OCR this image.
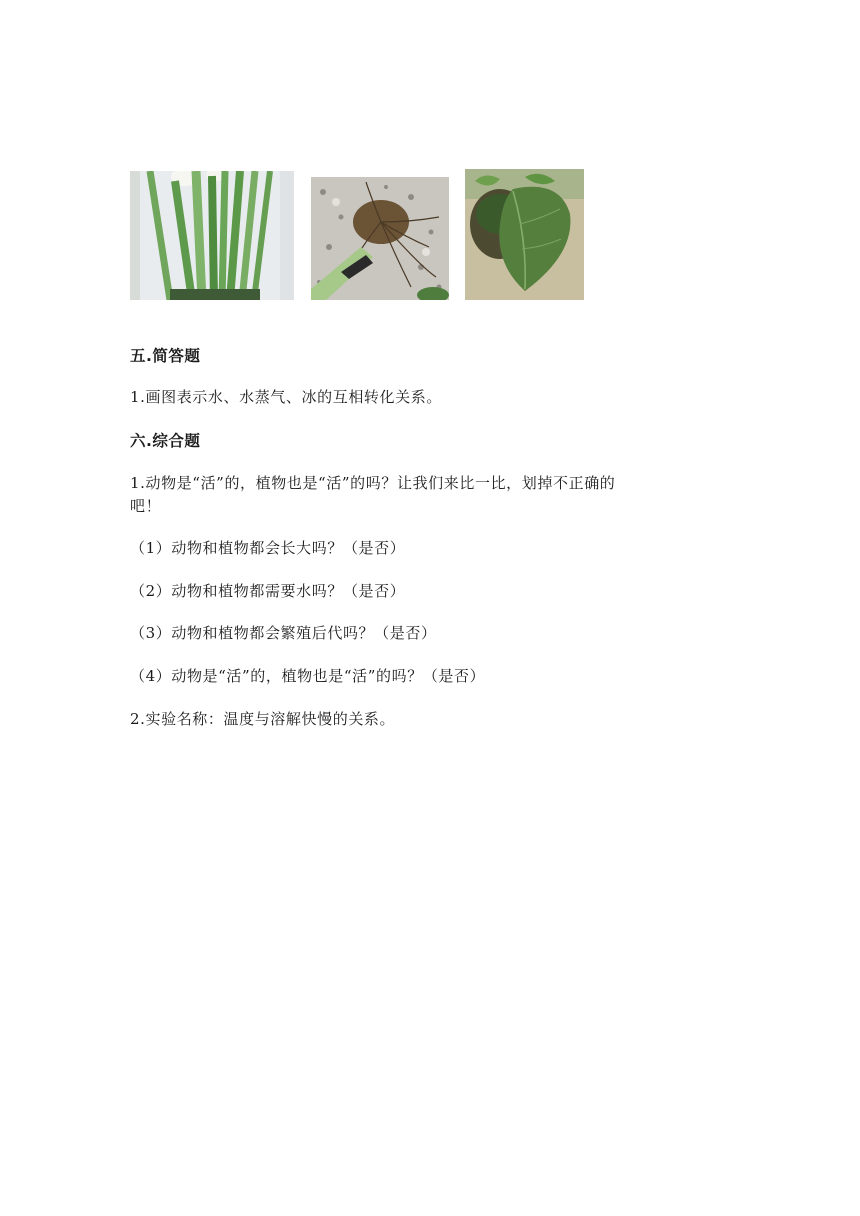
五.简答题
1.画图表示水、水蒸气、冰的互相转化关系。
六.综合题
1.动物是“活”的，植物也是“活”的吗？让我们来比一比，划掉不正确的
吧！
（1）动物和植物都会长大吗？（是否）
（2）动物和植物都需要水吗？（是否）
（3）动物和植物都会繁殖后代吗？（是否）
（4）动物是“活”的，植物也是“活”的吗？（是否）
2.实验名称：温度与溶解快慢的关系。
